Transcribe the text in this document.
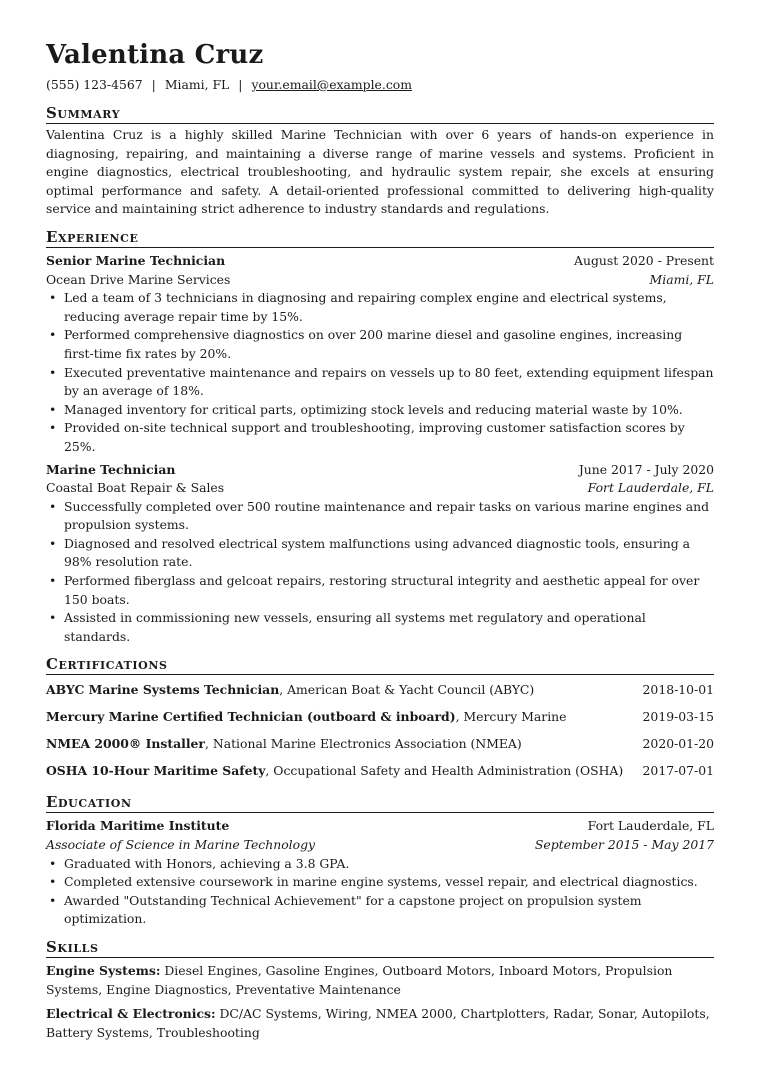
Valentina Cruz
(555) 123-4567 | Miami, FL | your.email@example.com
Summary
Valentina Cruz is a highly skilled Marine Technician with over 6 years of hands-on experience in diagnosing, repairing, and maintaining a diverse range of marine vessels and systems. Proficient in engine diagnostics, electrical troubleshooting, and hydraulic system repair, she excels at ensuring optimal performance and safety. A detail-oriented professional committed to delivering high-quality service and maintaining strict adherence to industry standards and regulations.
Experience
Senior Marine Technician	August 2020 - Present
Ocean Drive Marine Services	Miami, FL
• Led a team of 3 technicians in diagnosing and repairing complex engine and electrical systems, reducing average repair time by 15%.
• Performed comprehensive diagnostics on over 200 marine diesel and gasoline engines, increasing first-time fix rates by 20%.
• Executed preventative maintenance and repairs on vessels up to 80 feet, extending equipment lifespan by an average of 18%.
• Managed inventory for critical parts, optimizing stock levels and reducing material waste by 10%.
• Provided on-site technical support and troubleshooting, improving customer satisfaction scores by 25%.
Marine Technician	June 2017 - July 2020
Coastal Boat Repair & Sales	Fort Lauderdale, FL
• Successfully completed over 500 routine maintenance and repair tasks on various marine engines and propulsion systems.
• Diagnosed and resolved electrical system malfunctions using advanced diagnostic tools, ensuring a 98% resolution rate.
• Performed fiberglass and gelcoat repairs, restoring structural integrity and aesthetic appeal for over 150 boats.
• Assisted in commissioning new vessels, ensuring all systems met regulatory and operational standards.
Certifications
ABYC Marine Systems Technician, American Boat & Yacht Council (ABYC)	2018-10-01
Mercury Marine Certified Technician (outboard & inboard), Mercury Marine	2019-03-15
NMEA 2000® Installer, National Marine Electronics Association (NMEA)	2020-01-20
OSHA 10-Hour Maritime Safety, Occupational Safety and Health Administration (OSHA) 2017-07-01
Education
Florida Maritime Institute	Fort Lauderdale, FL
Associate of Science in Marine Technology	September 2015 - May 2017
• Graduated with Honors, achieving a 3.8 GPA.
• Completed extensive coursework in marine engine systems, vessel repair, and electrical diagnostics.
• Awarded "Outstanding Technical Achievement" for a capstone project on propulsion system optimization.
Skills
Engine Systems: Diesel Engines, Gasoline Engines, Outboard Motors, Inboard Motors, Propulsion Systems, Engine Diagnostics, Preventative Maintenance
Electrical & Electronics: DC/AC Systems, Wiring, NMEA 2000, Chartplotters, Radar, Sonar, Autopilots, Battery Systems, Troubleshooting
